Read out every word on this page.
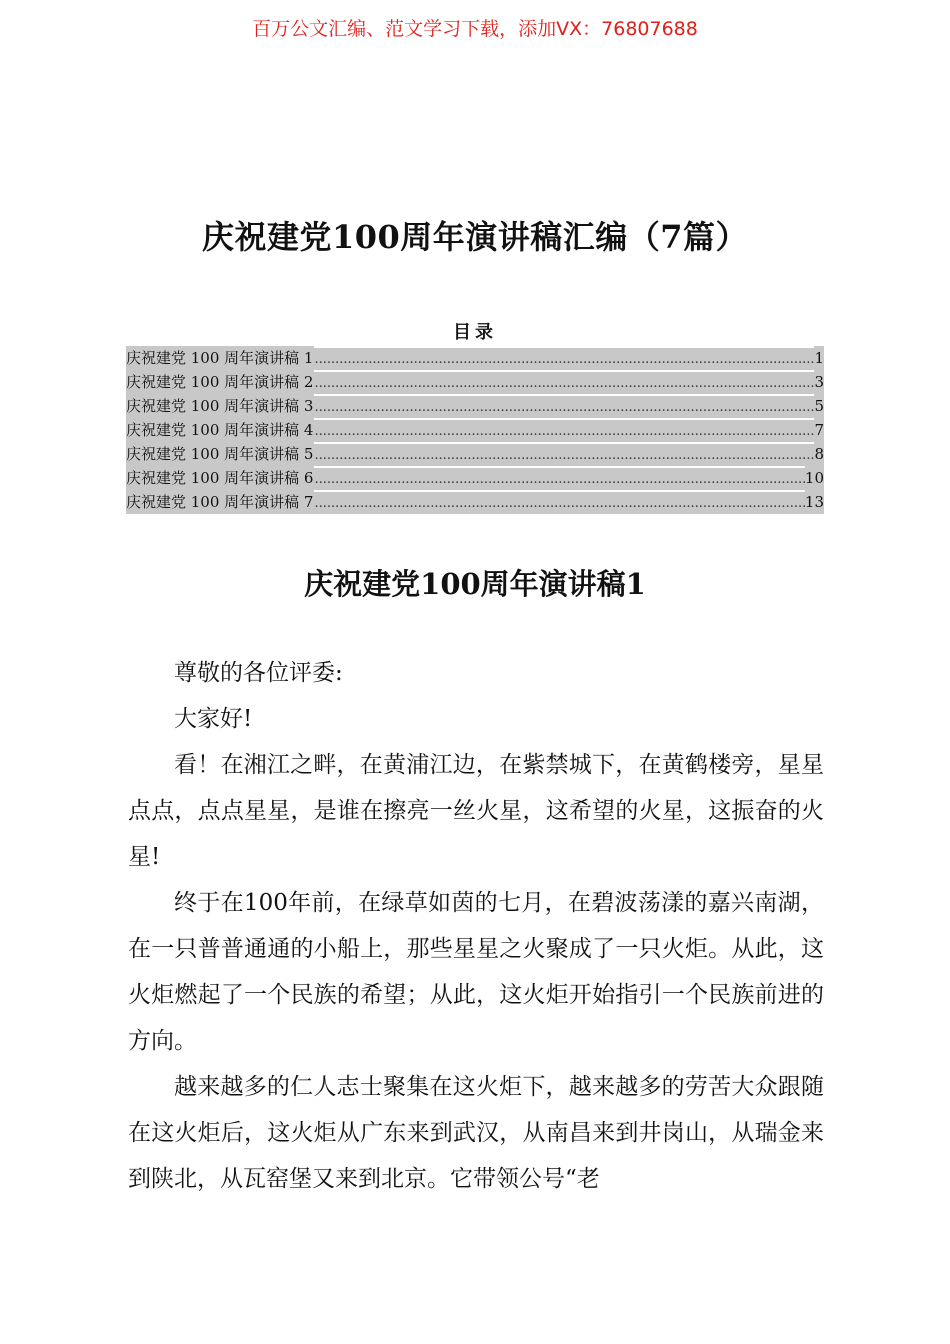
百万公文汇编、范文学习下载，添加VX：76807688
庆祝建党100周年演讲稿汇编（7篇）
目录
庆祝建党 100 周年演讲稿 1 .....	1
庆祝建党 100 周年演讲稿 2 .....	3
庆祝建党 100 周年演讲稿 3 .....	5
庆祝建党 100 周年演讲稿 4 .....	7
庆祝建党 100 周年演讲稿 5 .....	8
庆祝建党 100 周年演讲稿 6 .....	10
庆祝建党 100 周年演讲稿 7 .....	13
庆祝建党100周年演讲稿1

尊敬的各位评委:

大家好!

看！在湘江之畔，在黄浦江边，在紫禁城下，在黄鹤楼旁，星星点点，点点星星，是谁在擦亮一丝火星，这希望的火星，这振奋的火星!

终于在100年前，在绿草如茵的七月，在碧波荡漾的嘉兴南湖，在一只普普通通的小船上，那些星星之火聚成了一只火炬。从此，这火炬燃起了一个民族的希望；从此，这火炬开始指引一个民族前进的方向。

越来越多的仁人志士聚集在这火炬下，越来越多的劳苦大众跟随在这火炬后，这火炬从广东来到武汉，从南昌来到井岗山，从瑞金来到陕北，从瓦窑堡又来到北京。它带领公号“老
